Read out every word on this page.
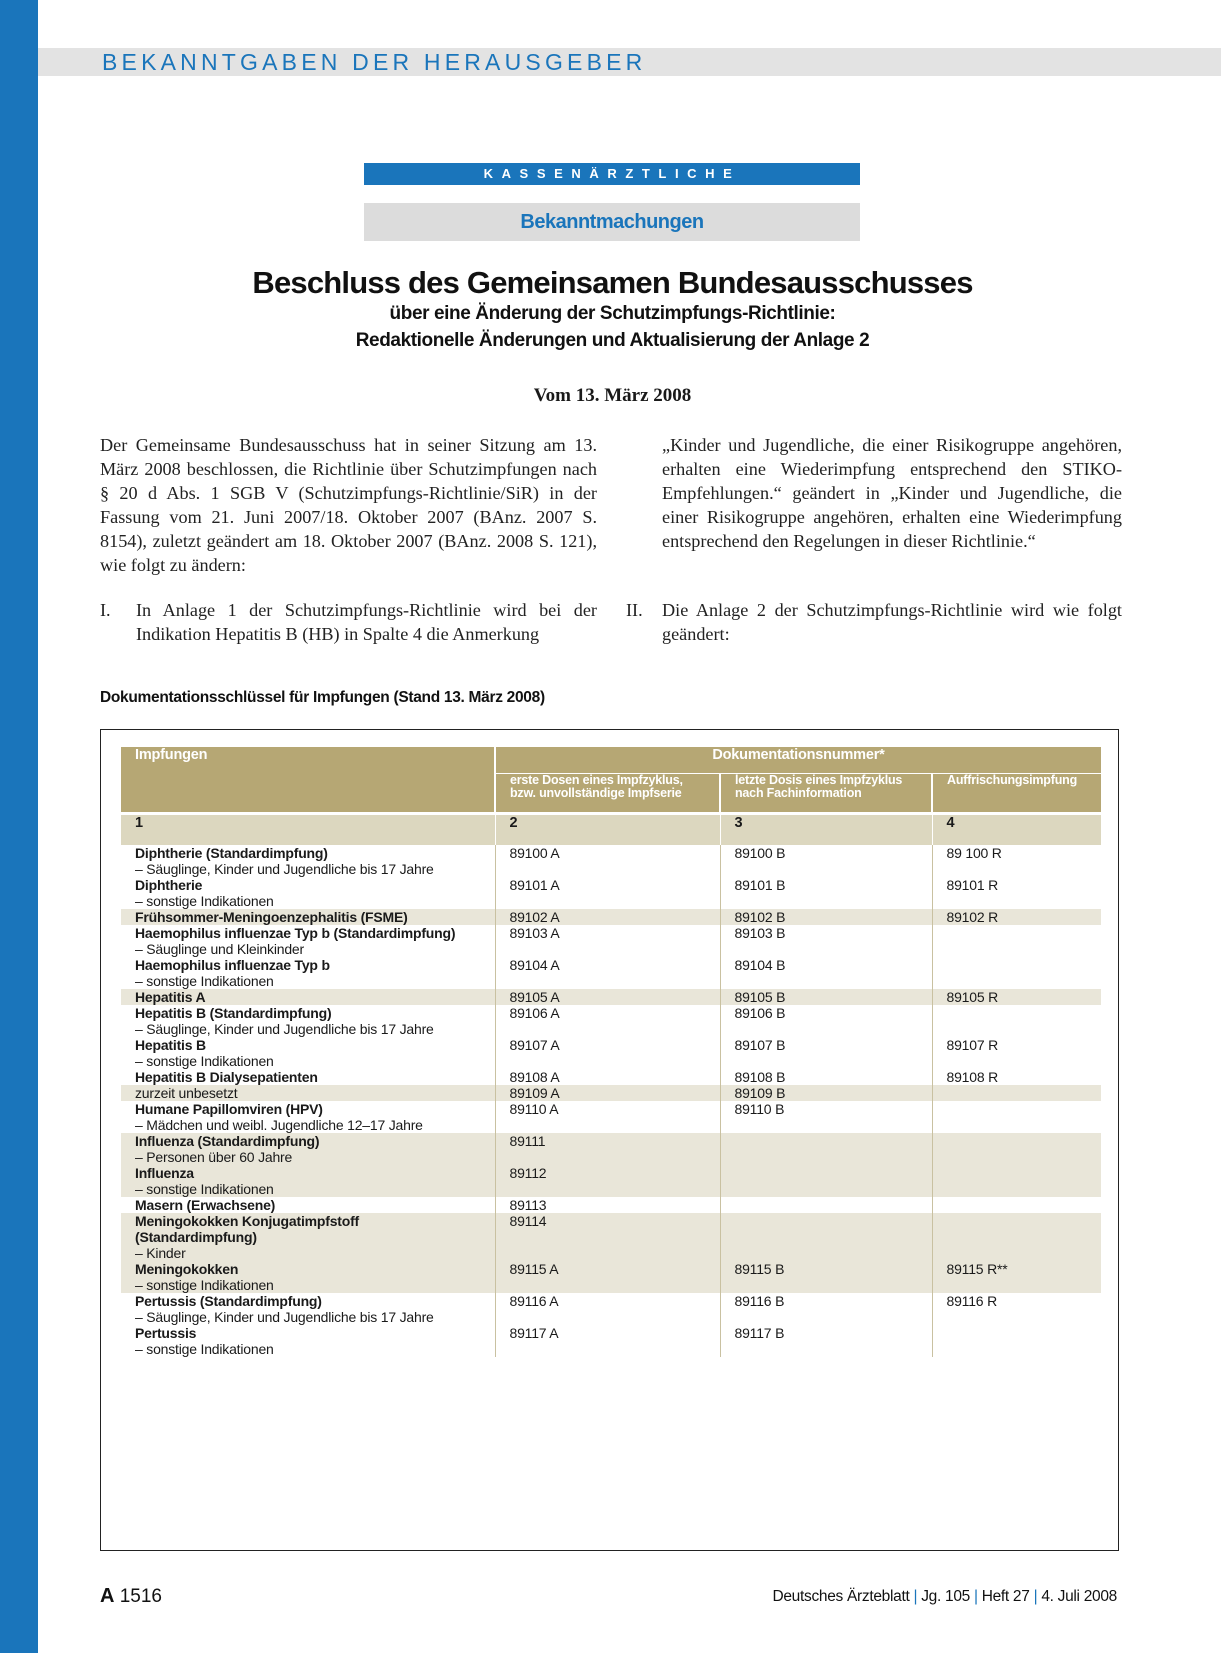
BEKANNTGABEN DER HERAUSGEBER
KASSENÄRZTLICHE BUNDESVEREINIGUNG
Bekanntmachungen
Beschluss des Gemeinsamen Bundesausschusses
über eine Änderung der Schutzimpfungs-Richtlinie:
Redaktionelle Änderungen und Aktualisierung der Anlage 2
Vom 13. März 2008
Der Gemeinsame Bundesausschuss hat in seiner Sitzung am 13. März 2008 beschlossen, die Richtlinie über Schutzimpfungen nach § 20 d Abs. 1 SGB V (Schutzimpfungs-Richtlinie/SiR) in der Fassung vom 21. Juni 2007/18. Oktober 2007 (BAnz. 2007 S. 8154), zuletzt geändert am 18. Oktober 2007 (BAnz. 2008 S. 121), wie folgt zu ändern:
I. In Anlage 1 der Schutzimpfungs-Richtlinie wird bei der Indikation Hepatitis B (HB) in Spalte 4 die Anmerkung
„Kinder und Jugendliche, die einer Risikogruppe angehören, erhalten eine Wiederimpfung entsprechend den STIKO-Empfehlungen.“ geändert in „Kinder und Jugendliche, die einer Risikogruppe angehören, erhalten eine Wiederimpfung entsprechend den Regelungen in dieser Richtlinie.“
II. Die Anlage 2 der Schutzimpfungs-Richtlinie wird wie folgt geändert:
Dokumentationsschlüssel für Impfungen (Stand 13. März 2008)
Impfungen	Dokumentationsnummer*		
	erste Dosen eines Impfzyklus, bzw. unvollständige Impfserie	letzte Dosis eines Impfzyklus nach Fachinformation	Auffrischungsimpfung
1	2	3	4

Diphtherie (Standardimpfung)
– Säuglinge, Kinder und Jugendliche bis 17 Jahre	89100 A	89100 B	89 100 R

Diphtherie
– sonstige Indikationen	89101 A	89101 B	89101 R

Frühsommer-Meningoenzephalitis (FSME)	89102 A	89102 B	89102 R

Haemophilus influenzae Typ b (Standardimpfung)
– Säuglinge und Kleinkinder	89103 A	89103 B	

Haemophilus influenzae Typ b
– sonstige Indikationen	89104 A	89104 B	

Hepatitis A	89105 A	89105 B	89105 R

Hepatitis B (Standardimpfung)
– Säuglinge, Kinder und Jugendliche bis 17 Jahre	89106 A	89106 B	

Hepatitis B
– sonstige Indikationen	89107 A	89107 B	89107 R

Hepatitis B Dialysepatienten	89108 A	89108 B	89108 R

zurzeit unbesetzt	89109 A	89109 B	

Humane Papillomviren (HPV)
– Mädchen und weibl. Jugendliche 12–17 Jahre	89110 A	89110 B	

Influenza (Standardimpfung)
– Personen über 60 Jahre	89111		

Influenza
– sonstige Indikationen	89112		

Masern (Erwachsene)	89113		

Meningokokken Konjugatimpfstoff (Standardimpfung)
– Kinder	89114		

Meningokokken
– sonstige Indikationen	89115 A	89115 B	89115 R**

Pertussis (Standardimpfung)
– Säuglinge, Kinder und Jugendliche bis 17 Jahre	89116 A	89116 B	89116 R

Pertussis
– sonstige Indikationen	89117 A	89117 B	
A 1516	Deutsches Ärzteblatt | Jg. 105 | Heft 27 | 4. Juli 2008
